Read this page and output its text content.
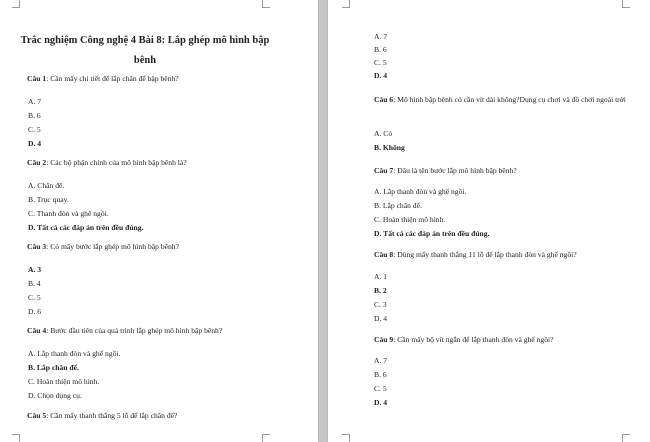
Trắc nghiệm Công nghệ 4 Bài 8: Lắp ghép mô hình bập bênh
Câu 1: Cần mấy chi tiết để lắp chân để bập bênh?
A. 7
B. 6
C. 5
D. 4
Câu 2: Các bộ phận chính của mô hình bập bênh là?
A. Chân đế.
B. Trục quay.
C. Thanh đòn và ghế ngồi.
D. Tất cả các đáp án trên đều đúng.
Câu 3: Có mấy bước lắp ghép mô hình bập bênh?
A. 3
B. 4
C. 5
D. 6
Câu 4: Bước đầu tiên của quá trình lắp ghép mô hình bập bênh?
A. Lắp thanh đòn và ghế ngồi.
B. Lắp chân đế.
C. Hoàn thiện mô hình.
D. Chọn dụng cụ.
Câu 5: Cần mấy thanh thẳng 5 lỗ để lắp chân đế?
A. 7
B. 6
C. 5
D. 4
Câu 6: Mô hình bập bênh có cần vít dài không?Dụng cụ chơi và đồ chơi ngoài trời
A. Có
B. Không
Câu 7: Đâu là tên bước lắp mô hình bập bênh?
A. Lắp thanh đòn và ghế ngồi.
B. Lắp chân đế.
C. Hoàn thiện mô hình.
D. Tất cả các đáp án trên đều đúng.
Câu 8: Dùng mấy thanh thẳng 11 lỗ để lắp thanh đòn và ghế ngồi?
A. 1
B. 2
C. 3
D. 4
Câu 9: Cần mấy bộ vít ngắn để lắp thanh đòn và ghế ngồi?
A. 7
B. 6
C. 5
D. 4
